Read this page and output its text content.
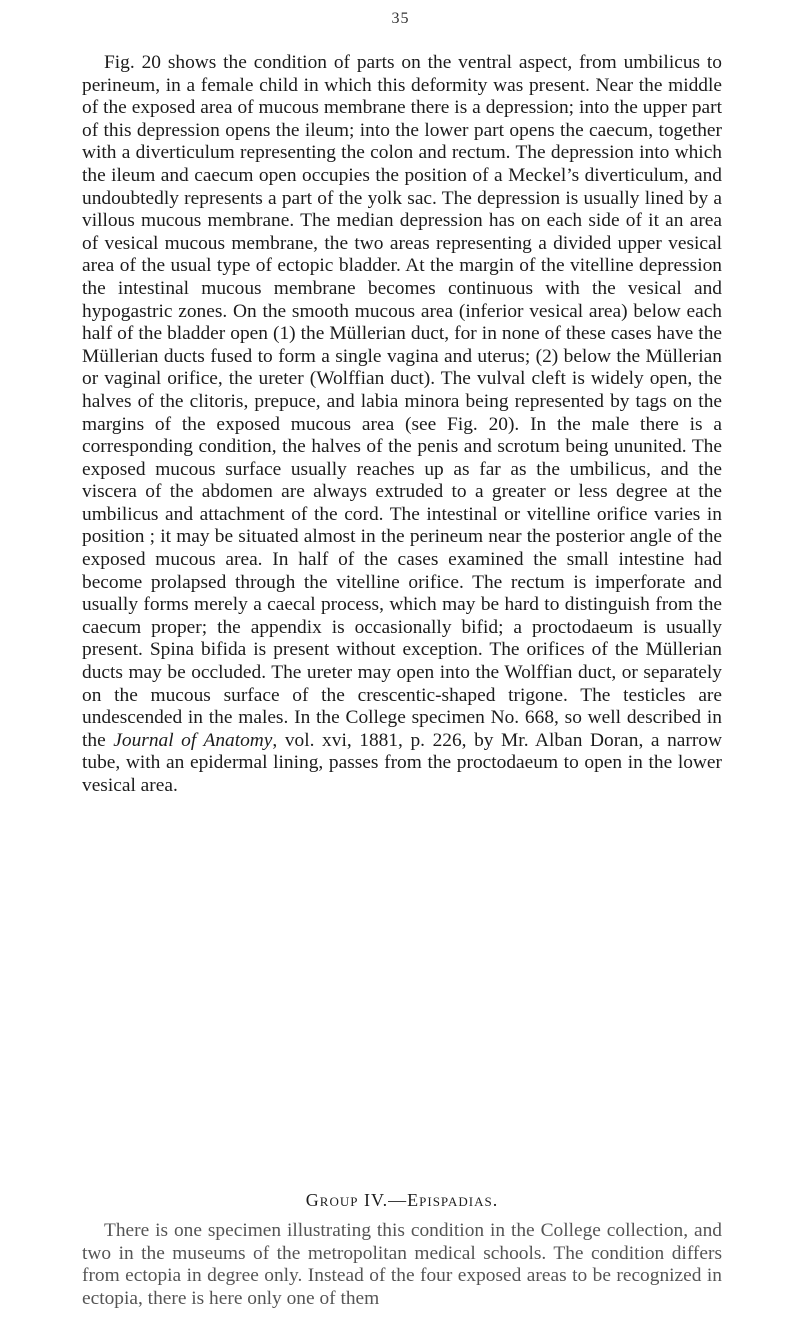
35

Fig. 20 shows the condition of parts on the ventral aspect, from umbilicus to perineum, in a female child in which this deformity was present. Near the middle of the exposed area of mucous membrane there is a depression; into the upper part of this depression opens the ileum; into the lower part opens the caecum, together with a diverticulum representing the colon and rectum. The depression into which the ileum and caecum open occupies the position of a Meckel’s diverticulum, and undoubtedly represents a part of the yolk sac. The depression is usually lined by a villous mucous membrane. The median depression has on each side of it an area of vesical mucous membrane, the two areas representing a divided upper vesical area of the usual type of ectopic bladder. At the margin of the vitelline depression the intestinal mucous membrane becomes continuous with the vesical and hypogastric zones. On the smooth mucous area (inferior vesical area) below each half of the bladder open (1) the Müllerian duct, for in none of these cases have the Müllerian ducts fused to form a single vagina and uterus; (2) below the Müllerian or vaginal orifice, the ureter (Wolffian duct). The vulval cleft is widely open, the halves of the clitoris, prepuce, and labia minora being represented by tags on the margins of the exposed mucous area (see Fig. 20). In the male there is a corresponding condition, the halves of the penis and scrotum being ununited. The exposed mucous surface usually reaches up as far as the umbilicus, and the viscera of the abdomen are always extruded to a greater or less degree at the umbilicus and attachment of the cord. The intestinal or vitelline orifice varies in position ; it may be situated almost in the perineum near the posterior angle of the exposed mucous area. In half of the cases examined the small intestine had become prolapsed through the vitelline orifice. The rectum is imperforate and usually forms merely a caecal process, which may be hard to distinguish from the caecum proper; the appendix is occasionally bifid; a proctodaeum is usually present. Spina bifida is present without exception. The orifices of the Müllerian ducts may be occluded. The ureter may open into the Wolffian duct, or separately on the mucous surface of the crescentic-shaped trigone. The testicles are undescended in the males. In the College specimen No. 668, so well described in the Journal of Anatomy, vol. xvi, 1881, p. 226, by Mr. Alban Doran, a narrow tube, with an epidermal lining, passes from the proctodaeum to open in the lower vesical area.

Group IV.—Epispadias.

There is one specimen illustrating this condition in the College collection, and two in the museums of the metropolitan medical schools. The condition differs from ectopia in degree only. Instead of the four exposed areas to be recognized in ectopia, there is here only one of them
